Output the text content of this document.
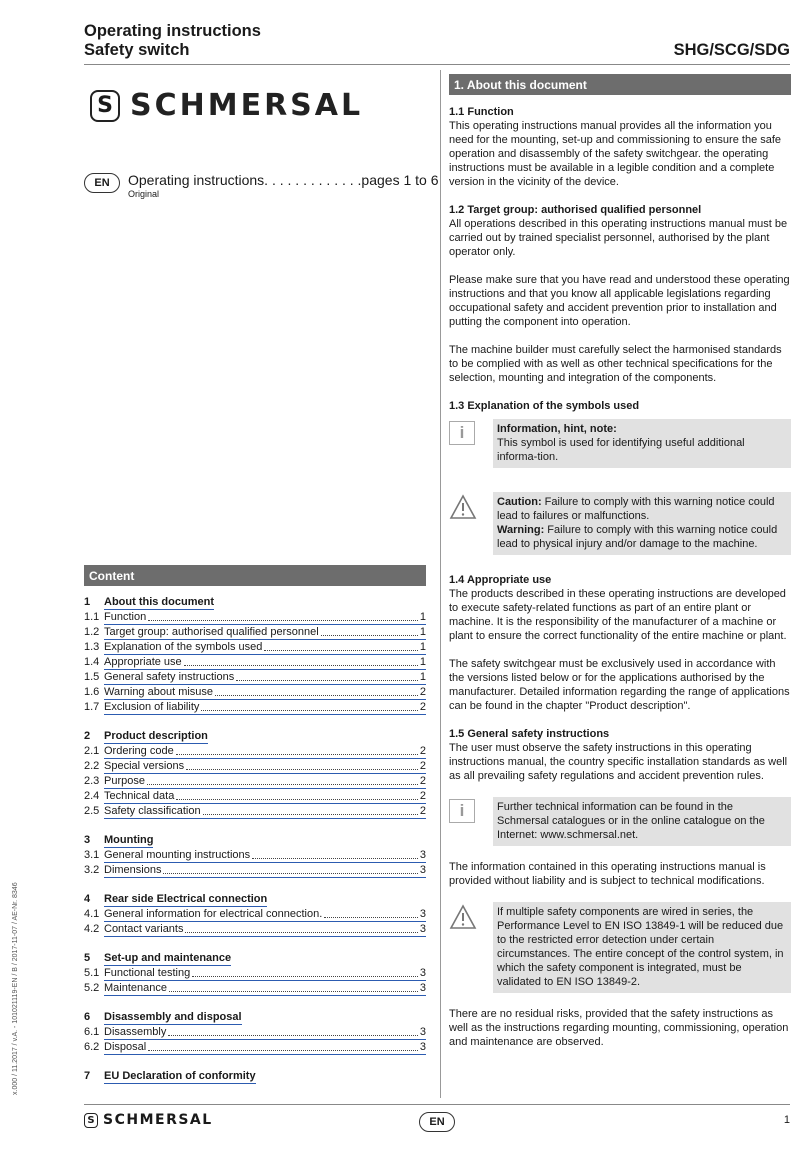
Operating instructions
Safety switch	SHG/SCG/SDG
S SCHMERSAL
EN	Operating instructions. . . . . . . . . . . . .pages 1 to 6
Original
Content
1	About this document
1.1 Function	1
1.2 Target group: authorised qualified personnel	1
1.3 Explanation of the symbols used	1
1.4 Appropriate use	1
1.5 General safety instructions	1
1.6 Warning about misuse	2
1.7 Exclusion of liability	2
2	Product description
2.1 Ordering code	2
2.2 Special versions	2
2.3 Purpose	2
2.4 Technical data	2
2.5 Safety classification	2
3	Mounting
3.1 General mounting instructions	3
3.2 Dimensions	3
4	Rear side Electrical connection
4.1 General information for electrical connection.	3
4.2 Contact variants	3
5	Set-up and maintenance
5.1 Functional testing	3
5.2 Maintenance	3
6	Disassembly and disposal
6.1 Disassembly	3
6.2 Disposal	3
7	EU Declaration of conformity
1. About this document
1.1 Function
This operating instructions manual provides all the information you need for the mounting, set-up and commissioning to ensure the safe operation and disassembly of the safety switchgear. the operating instructions must be available in a legible condition and a complete version in the vicinity of the device.
1.2 Target group: authorised qualified personnel
All operations described in this operating instructions manual must be carried out by trained specialist personnel, authorised by the plant operator only.
Please make sure that you have read and understood these operating instructions and that you know all applicable legislations regarding occupational safety and accident prevention prior to installation and putting the component into operation.
The machine builder must carefully select the harmonised standards to be complied with as well as other technical specifications for the selection, mounting and integration of the components.
1.3 Explanation of the symbols used
i	Information, hint, note:
This symbol is used for identifying useful additional informa-tion.
Caution: Failure to comply with this warning notice could lead to failures or malfunctions.
Warning: Failure to comply with this warning notice could lead to physical injury and/or damage to the machine.
1.4 Appropriate use
The products described in these operating instructions are developed to execute safety-related functions as part of an entire plant or machine. It is the responsibility of the manufacturer of a machine or plant to ensure the correct functionality of the entire machine or plant.
The safety switchgear must be exclusively used in accordance with the versions listed below or for the applications authorised by the manufacturer. Detailed information regarding the range of applications can be found in the chapter "Product description".
1.5 General safety instructions
The user must observe the safety instructions in this operating instructions manual, the country specific installation standards as well as all prevailing safety regulations and accident prevention rules.
i	Further technical information can be found in the Schmersal catalogues or in the online catalogue on the Internet: www.schmersal.net.
The information contained in this operating instructions manual is provided without liability and is subject to technical modifications.
If multiple safety components are wired in series, the Performance Level to EN ISO 13849-1 will be reduced due to the restricted error detection under certain circumstances. The entire concept of the control system, in which the safety component is integrated, must be validated to EN ISO 13849-2.
There are no residual risks, provided that the safety instructions as well as the instructions regarding mounting, commissioning, operation and maintenance are observed.
x.000 / 11.2017 / v.A. - 101021119-EN / B / 2017-11-07 / AE-Nr. 8346
S SCHMERSAL	EN	1
